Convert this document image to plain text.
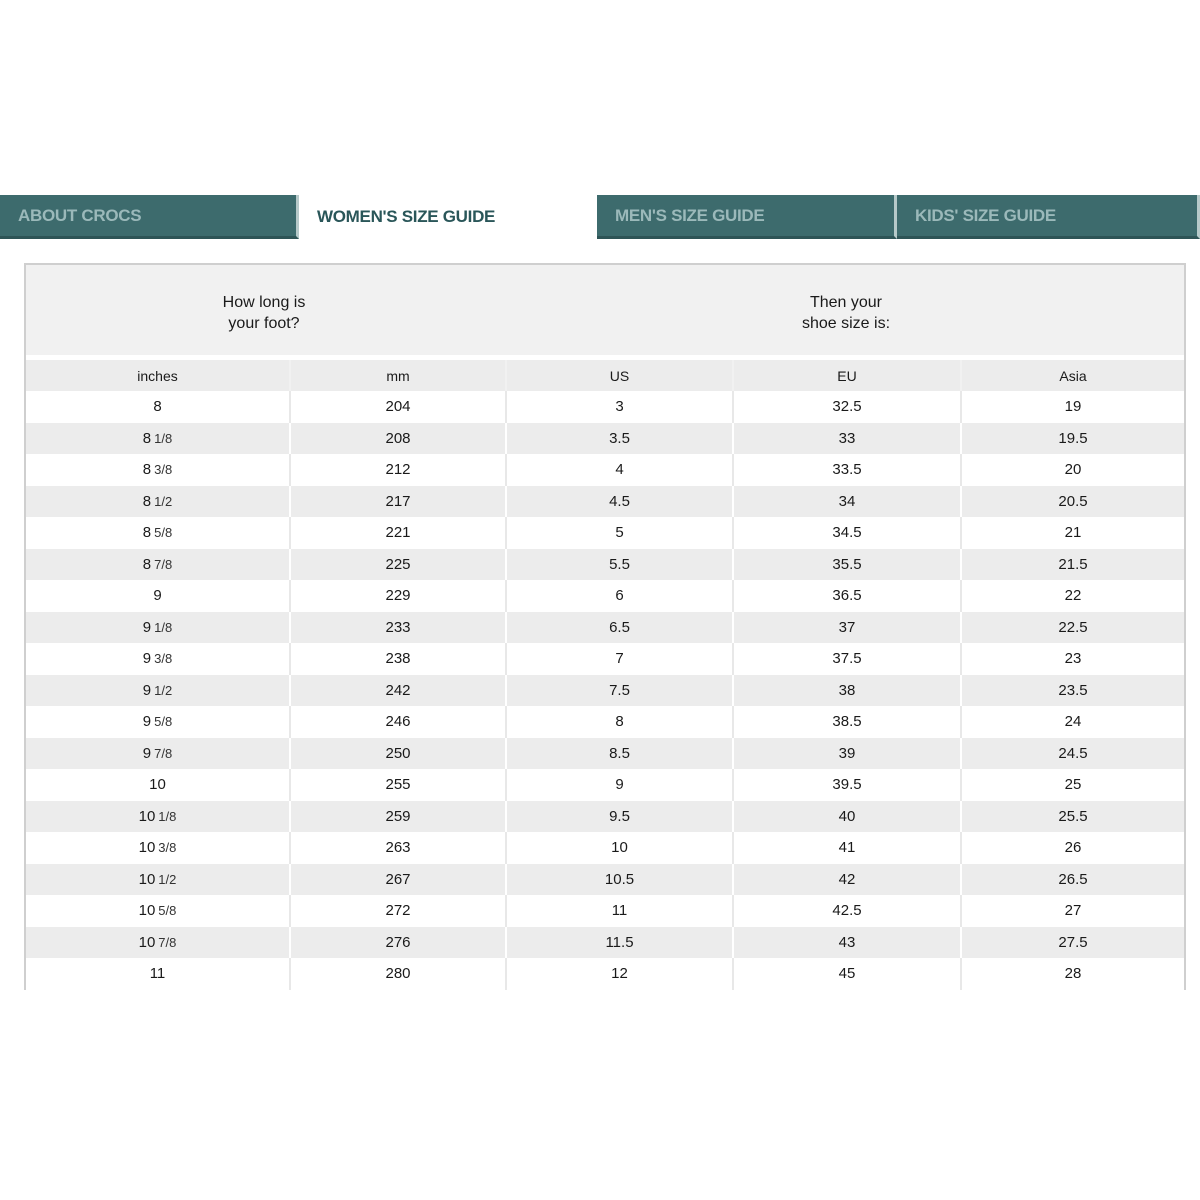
ABOUT CROCS	WOMEN'S SIZE GUIDE	MEN'S SIZE GUIDE	KIDS' SIZE GUIDE
How long is
your foot?
Then your
shoe size is:
inches	mm	US	EU	Asia
8	204	3	32.5	19
8 1/8	208	3.5	33	19.5
8 3/8	212	4	33.5	20
8 1/2	217	4.5	34	20.5
8 5/8	221	5	34.5	21
8 7/8	225	5.5	35.5	21.5
9	229	6	36.5	22
9 1/8	233	6.5	37	22.5
9 3/8	238	7	37.5	23
9 1/2	242	7.5	38	23.5
9 5/8	246	8	38.5	24
9 7/8	250	8.5	39	24.5
10	255	9	39.5	25
10 1/8	259	9.5	40	25.5
10 3/8	263	10	41	26
10 1/2	267	10.5	42	26.5
10 5/8	272	11	42.5	27
10 7/8	276	11.5	43	27.5
11	280	12	45	28
